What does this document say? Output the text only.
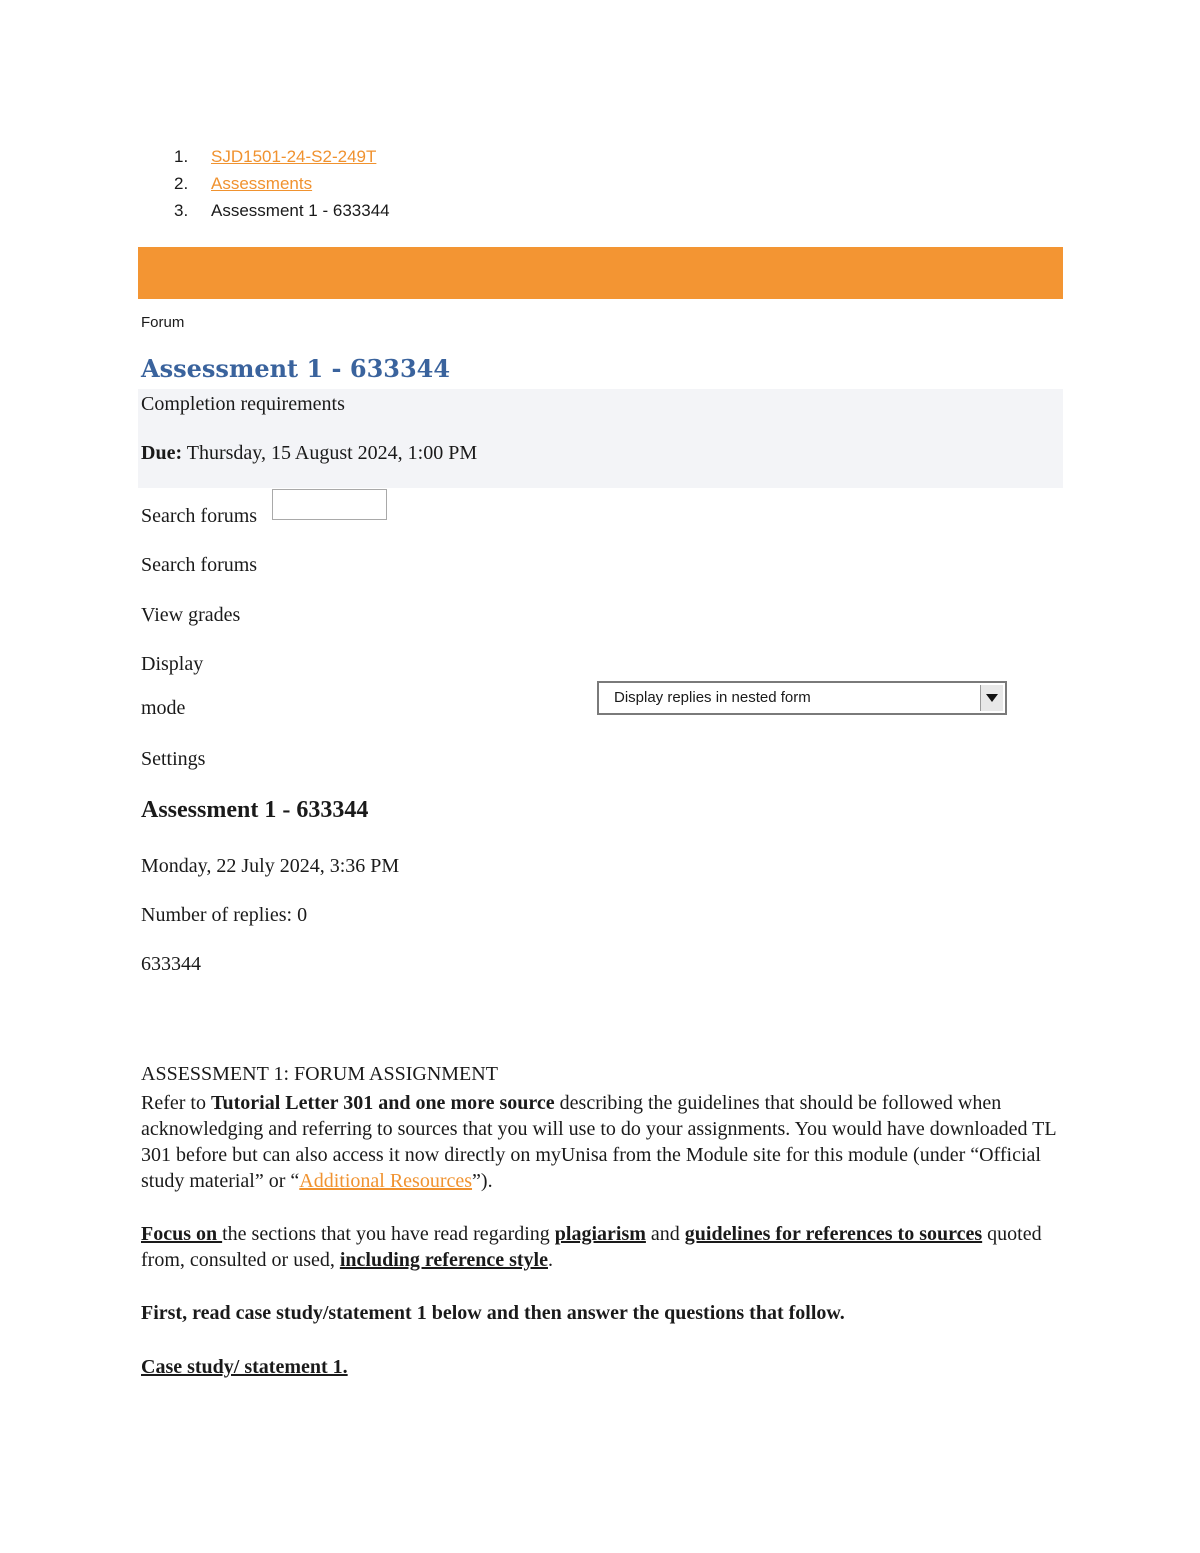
1.	SJD1501-24-S2-249T
2.	Assessments
3.	Assessment 1 - 633344
Forum
Assessment 1 - 633344
Completion requirements
Due: Thursday, 15 August 2024, 1:00 PM
Search forums
Search forums
View grades
Display
mode	Display replies in nested form
Settings
Assessment 1 - 633344
Monday, 22 July 2024, 3:36 PM
Number of replies: 0
633344
ASSESSMENT 1: FORUM ASSIGNMENT
Refer to Tutorial Letter 301 and one more source describing the guidelines that should be followed when acknowledging and referring to sources that you will use to do your assignments. You would have downloaded TL 301 before but can also access it now directly on myUnisa from the Module site for this module (under “Official study material” or “Additional Resources”).
Focus on the sections that you have read regarding plagiarism and guidelines for references to sources quoted from, consulted or used, including reference style.
First, read case study/statement 1 below and then answer the questions that follow.
Case study/ statement 1.
